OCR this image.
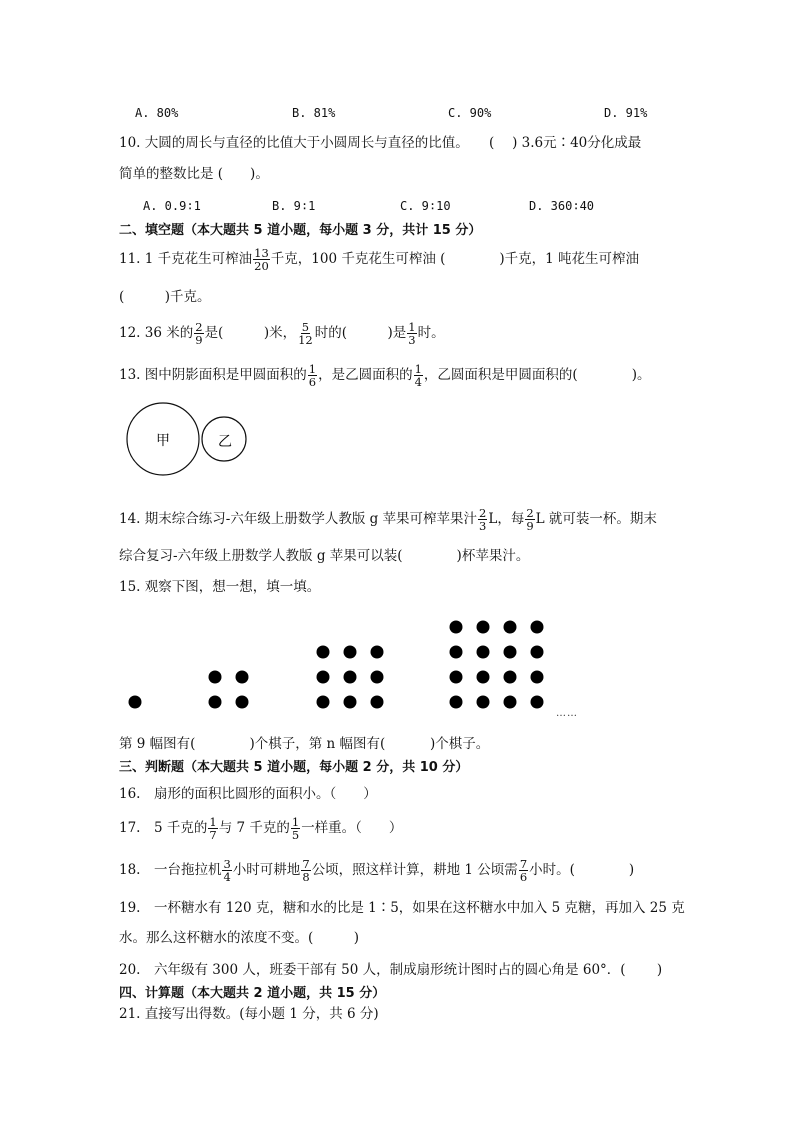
A. 80%	B. 81%	C. 90%	D. 91%
10. 大圆的周长与直径的比值大于小圆周长与直径的比值。　　(　 ) 3.6元∶40分化成最
简单的整数比是 (　　)。
A. 0.9∶1	B. 9∶1	C. 9∶10	D. 360∶40
二、填空题（本大题共 5 道小题，每小题 3 分，共计 15 分）
11. 1 千克花生可榨油 $\frac{13}{20}$ 千克，100 千克花生可榨油 (　　　　)千克，1 吨花生可榨油
(　　　)千克。
12. 36 米的 $\frac{2}{9}$ 是(　　　)米， $\frac{5}{12}$ 时的(　　　)是 $\frac{1}{3}$ 时。
13. 图中阴影面积是甲圆面积的 $\frac{1}{6}$ ，是乙圆面积的 $\frac{1}{4}$ ，乙圆面积是甲圆面积的(　　　　)。
甲	乙
14. 期末综合练习-六年级上册数学人教版 g 苹果可榨苹果汁 $\frac{2}{3}$ L，每 $\frac{2}{9}$ L 就可装一杯。期末
综合复习-六年级上册数学人教版 g 苹果可以装(　　　　)杯苹果汁。
15. 观察下图，想一想，填一填。
……
第 9 幅图有(　　　　)个棋子，第 n 幅图有(　　　 )个棋子。
三、判断题（本大题共 5 道小题，每小题 2 分，共 10 分）
16.　扇形的面积比圆形的面积小。（　　）
17.　5 千克的 $\frac{1}{7}$ 与 7 千克的 $\frac{1}{5}$ 一样重。（　　）
18.　一台拖拉机 $\frac{3}{4}$ 小时可耕地 $\frac{7}{8}$ 公顷，照这样计算，耕地 1 公顷需 $\frac{7}{6}$ 小时。(　　　　)
19.　一杯糖水有 120 克，糖和水的比是 1∶5，如果在这杯糖水中加入 5 克糖，再加入 25 克
水。那么这杯糖水的浓度不变。(　　　)
20.　六年级有 300 人，班委干部有 50 人，制成扇形统计图时占的圆心角是 60°．(　　 )
四、计算题（本大题共 2 道小题，共 15 分）
21. 直接写出得数。(每小题 1 分，共 6 分)
